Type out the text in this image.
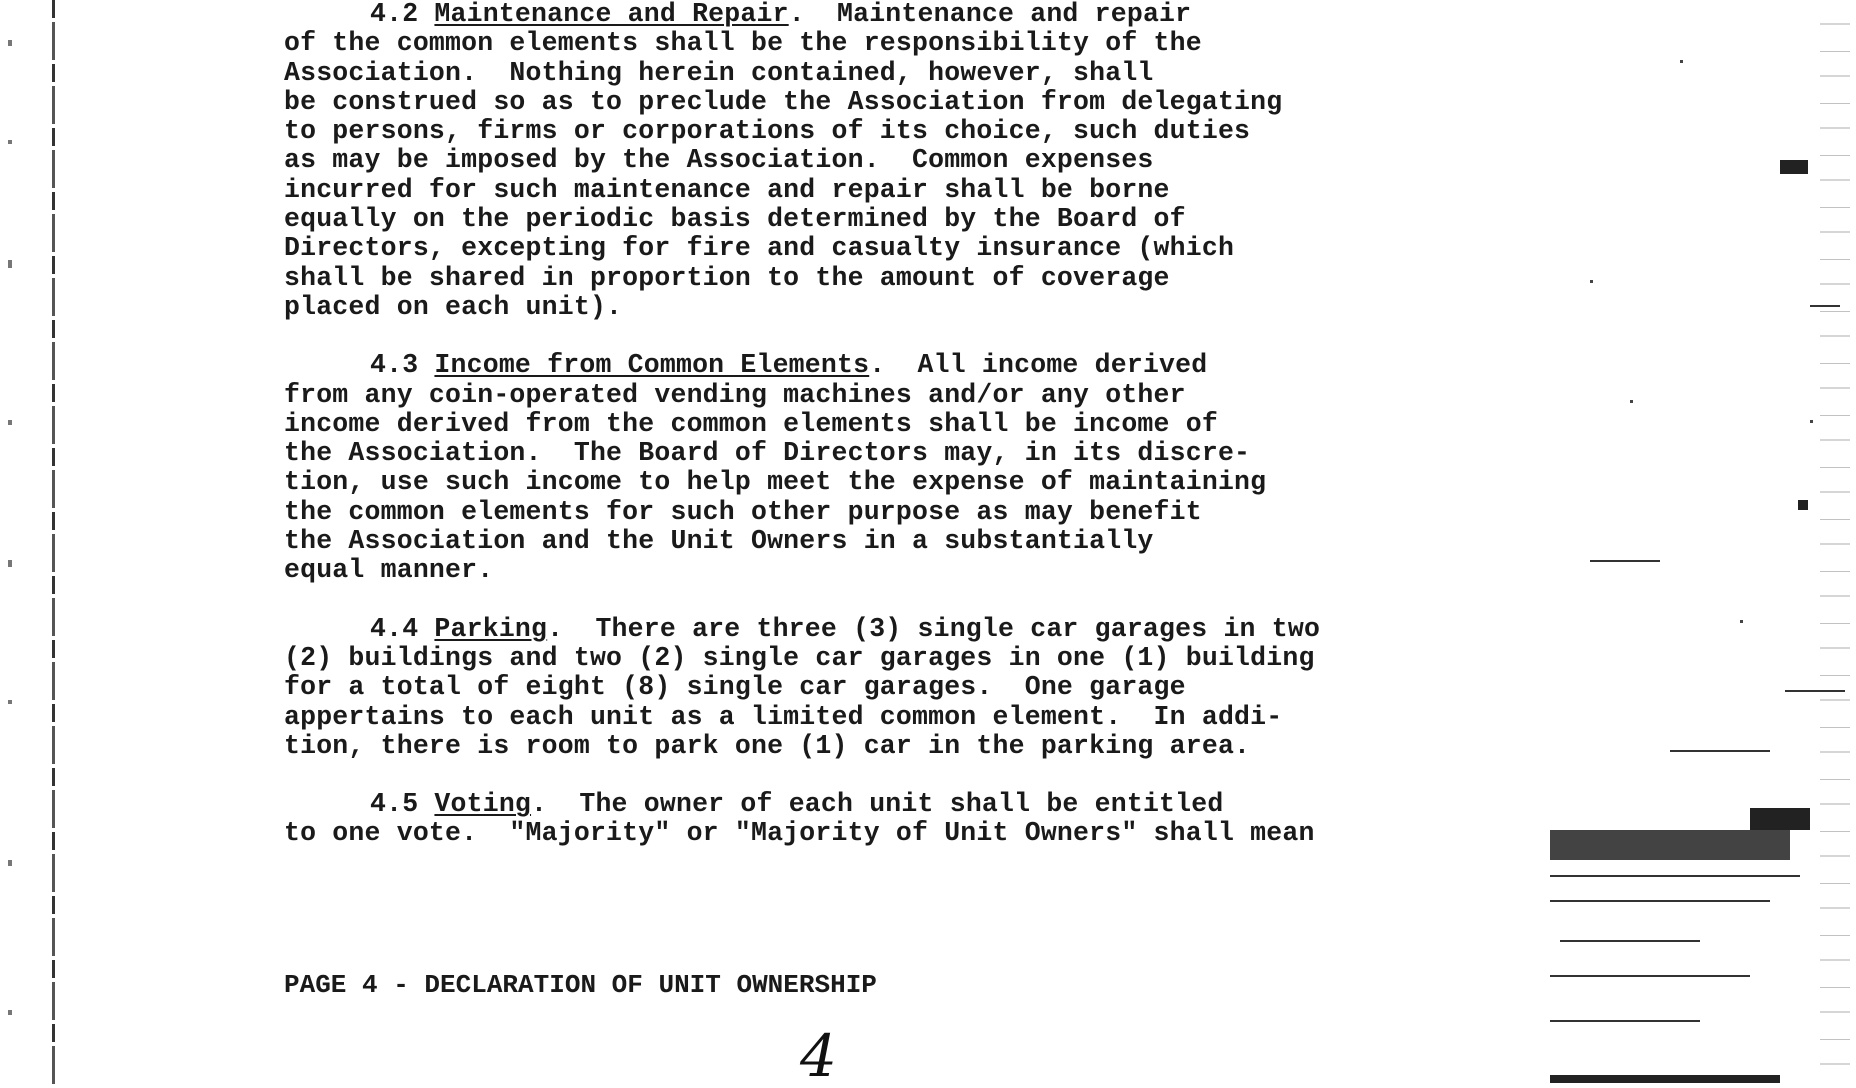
4.2 Maintenance and Repair.  Maintenance and repair
of the common elements shall be the responsibility of the
Association.  Nothing herein contained, however, shall
be construed so as to preclude the Association from delegating
to persons, firms or corporations of its choice, such duties
as may be imposed by the Association.  Common expenses
incurred for such maintenance and repair shall be borne
equally on the periodic basis determined by the Board of
Directors, excepting for fire and casualty insurance (which
shall be shared in proportion to the amount of coverage
placed on each unit).
4.3 Income from Common Elements.  All income derived
from any coin-operated vending machines and/or any other
income derived from the common elements shall be income of
the Association.  The Board of Directors may, in its discre-
tion, use such income to help meet the expense of maintaining
the common elements for such other purpose as may benefit
the Association and the Unit Owners in a substantially
equal manner.
4.4 Parking.  There are three (3) single car garages in two
(2) buildings and two (2) single car garages in one (1) building
for a total of eight (8) single car garages.  One garage
appertains to each unit as a limited common element.  In addi-
tion, there is room to park one (1) car in the parking area.
4.5 Voting.  The owner of each unit shall be entitled
to one vote.  "Majority" or "Majority of Unit Owners" shall mean
PAGE 4 - DECLARATION OF UNIT OWNERSHIP
4
